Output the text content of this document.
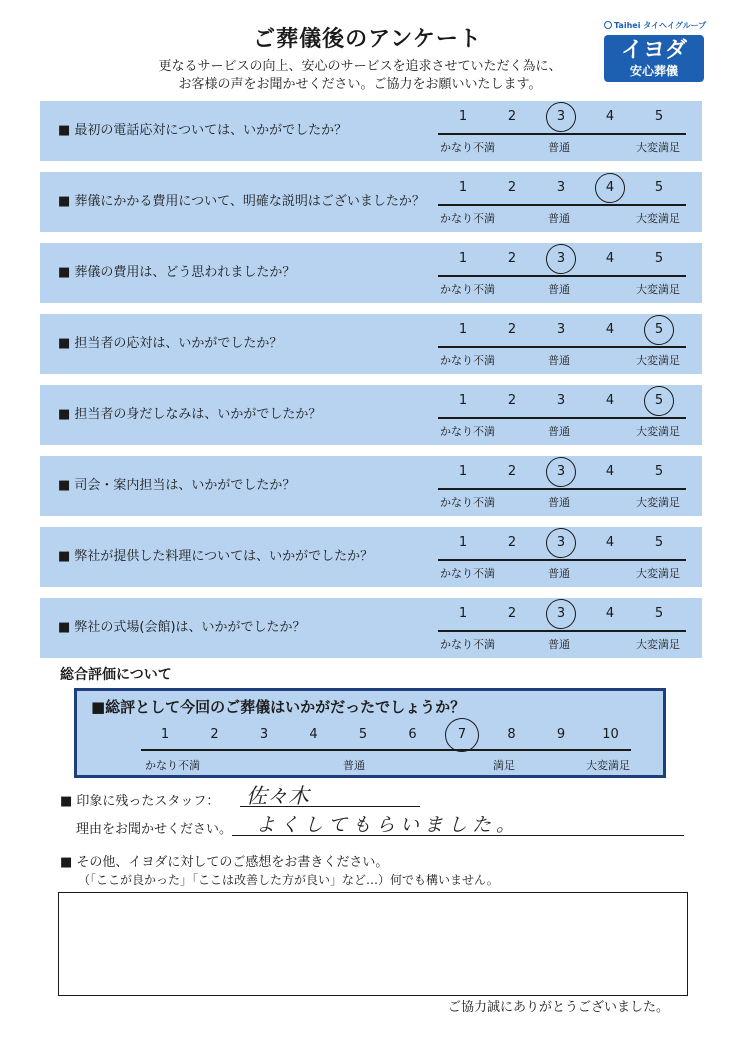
ご葬儀後のアンケート
更なるサービスの向上、安心のサービスを追求させていただく為に、
お客様の声をお聞かせください。ご協力をお願いいたします。
Taihei タイヘイグループ
イヨダ
安心葬儀
■ 最初の電話応対については、いかがでしたか？
1	2	3	4	5
かなり不満	普通	大変満足
■ 葬儀にかかる費用について、明確な説明はございましたか？
1	2	3	4	5
かなり不満	普通	大変満足
■ 葬儀の費用は、どう思われましたか？
1	2	3	4	5
かなり不満	普通	大変満足
■ 担当者の応対は、いかがでしたか？
1	2	3	4	5
かなり不満	普通	大変満足
■ 担当者の身だしなみは、いかがでしたか？
1	2	3	4	5
かなり不満	普通	大変満足
■ 司会・案内担当は、いかがでしたか？
1	2	3	4	5
かなり不満	普通	大変満足
■ 弊社が提供した料理については、いかがでしたか？
1	2	3	4	5
かなり不満	普通	大変満足
■ 弊社の式場(会館)は、いかがでしたか？
1	2	3	4	5
かなり不満	普通	大変満足
総合評価について
■総評として今回のご葬儀はいかがだったでしょうか？
かなり不満	普通	満足	大変満足
1	2	3	4	5	6	7	8	9	10
■ 印象に残ったスタッフ： 佐々木
理由をお聞かせください。 よくしてもらいました。
■ その他、イヨダに対してのご感想をお書きください。
（「ここが良かった」「ここは改善した方が良い」など…）何でも構いません。
ご協力誠にありがとうございました。
